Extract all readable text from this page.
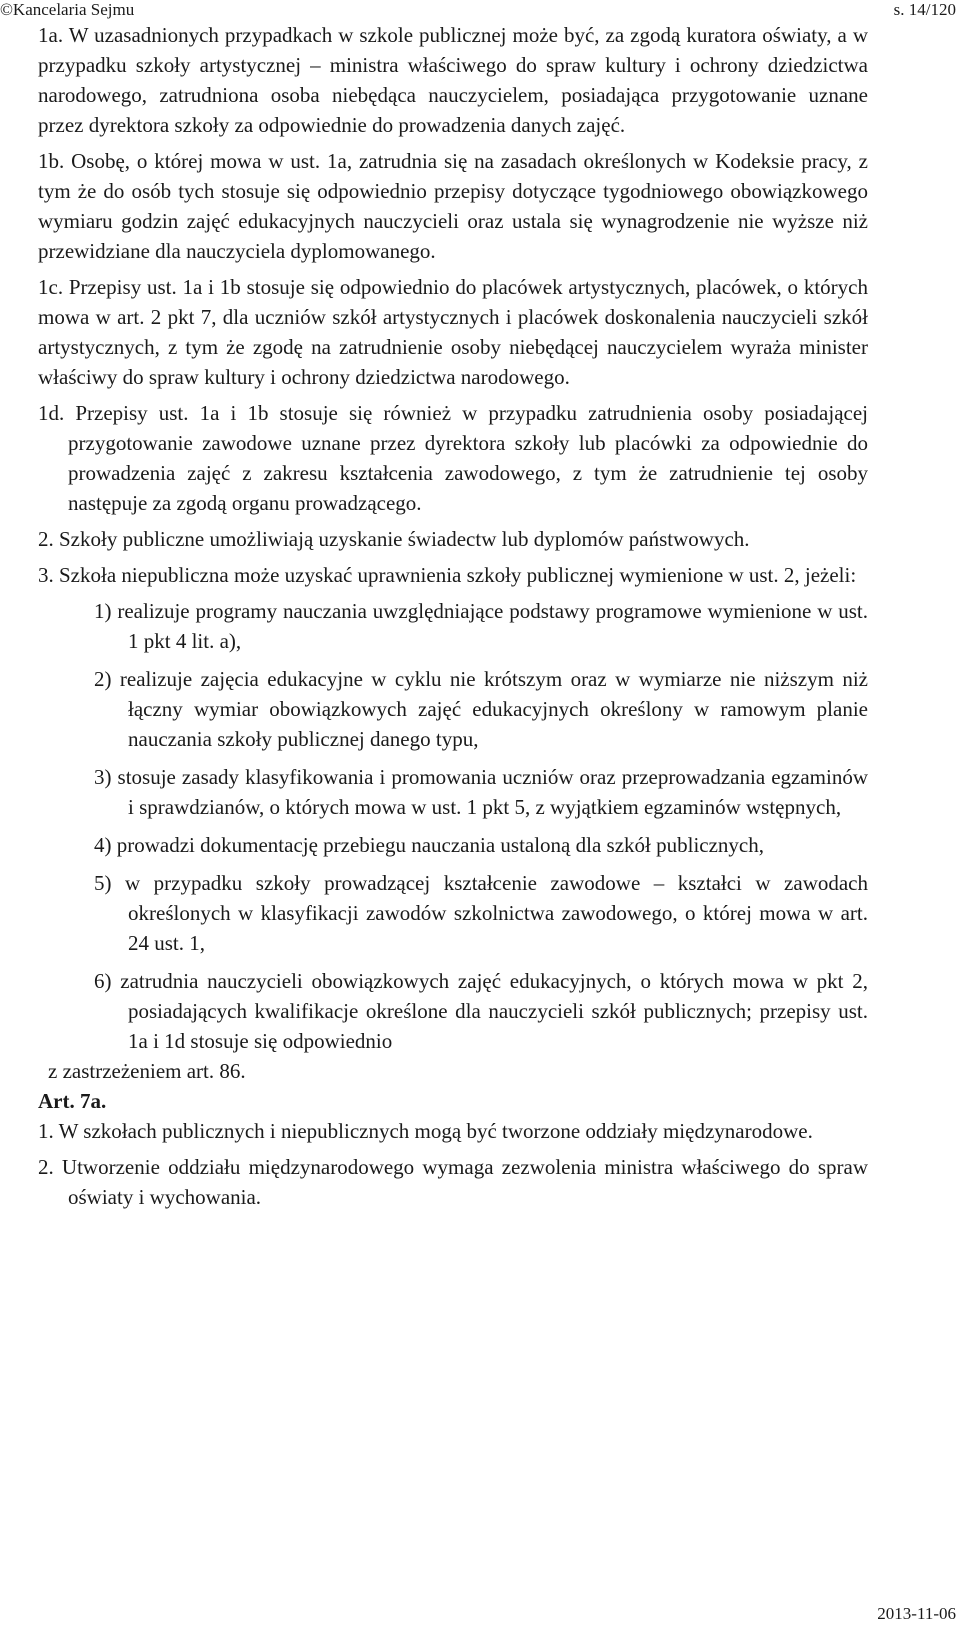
©Kancelaria Sejmu	s. 14/120

1a. W uzasadnionych przypadkach w szkole publicznej może być, za zgodą kuratora oświaty, a w przypadku szkoły artystycznej – ministra właściwego do spraw kultury i ochrony dziedzictwa narodowego, zatrudniona osoba niebędąca nauczycielem, posiadająca przygotowanie uznane przez dyrektora szkoły za odpowiednie do prowadzenia danych zajęć.

1b. Osobę, o której mowa w ust. 1a, zatrudnia się na zasadach określonych w Kodeksie pracy, z tym że do osób tych stosuje się odpowiednio przepisy dotyczące tygodniowego obowiązkowego wymiaru godzin zajęć edukacyjnych nauczycieli oraz ustala się wynagrodzenie nie wyższe niż przewidziane dla nauczyciela dyplomowanego.

1c. Przepisy ust. 1a i 1b stosuje się odpowiednio do placówek artystycznych, placówek, o których mowa w art. 2 pkt 7, dla uczniów szkół artystycznych i placówek doskonalenia nauczycieli szkół artystycznych, z tym że zgodę na zatrudnienie osoby niebędącej nauczycielem wyraża minister właściwy do spraw kultury i ochrony dziedzictwa narodowego.

1d. Przepisy ust. 1a i 1b stosuje się również w przypadku zatrudnienia osoby posiadającej przygotowanie zawodowe uznane przez dyrektora szkoły lub placówki za odpowiednie do prowadzenia zajęć z zakresu kształcenia zawodowego, z tym że zatrudnienie tej osoby następuje za zgodą organu prowadzącego.

2. Szkoły publiczne umożliwiają uzyskanie świadectw lub dyplomów państwowych.

3. Szkoła niepubliczna może uzyskać uprawnienia szkoły publicznej wymienione w ust. 2, jeżeli:

1) realizuje programy nauczania uwzględniające podstawy programowe wymienione w ust. 1 pkt 4 lit. a),

2) realizuje zajęcia edukacyjne w cyklu nie krótszym oraz w wymiarze nie niższym niż łączny wymiar obowiązkowych zajęć edukacyjnych określony w ramowym planie nauczania szkoły publicznej danego typu,

3) stosuje zasady klasyfikowania i promowania uczniów oraz przeprowadzania egzaminów i sprawdzianów, o których mowa w ust. 1 pkt 5, z wyjątkiem egzaminów wstępnych,

4) prowadzi dokumentację przebiegu nauczania ustaloną dla szkół publicznych,

5) w przypadku szkoły prowadzącej kształcenie zawodowe – kształci w zawodach określonych w klasyfikacji zawodów szkolnictwa zawodowego, o której mowa w art. 24 ust. 1,

6) zatrudnia nauczycieli obowiązkowych zajęć edukacyjnych, o których mowa w pkt 2, posiadających kwalifikacje określone dla nauczycieli szkół publicznych; przepisy ust. 1a i 1d stosuje się odpowiednio

z zastrzeżeniem art. 86.

Art. 7a.

1. W szkołach publicznych i niepublicznych mogą być tworzone oddziały międzynarodowe.

2. Utworzenie oddziału międzynarodowego wymaga zezwolenia ministra właściwego do spraw oświaty i wychowania.

2013-11-06
